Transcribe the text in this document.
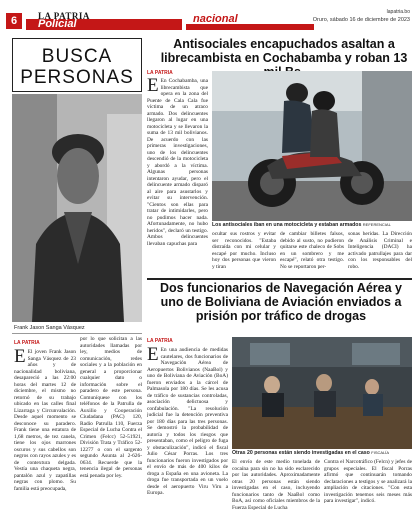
6	LA PATRIA
Policial	nacional
lapatria.bo
Oruro, sábado 16 de diciembre de 2023
BUSCA PERSONAS
Frank Jason Sanga Vásquez
LA PATRIA
E El joven Frank Jason Sanga Vásquez de 23 años y de nacionalidad boliviana, desapareció a las 22:00 horas del martes 12 de diciembre, el mismo no retornó de su trabajo ubicado en las calles final Lizarraga y Circunvalación. Desde aquel momento se desconoce su paradero. Frank tiene una estatura de 1,68 metros, de tez canela, tiene los ojos marrones oscuros y sus cabellos son negros con rayos azules y es de contextura delgada. Vestía una chaqueta negra, pantalón azul y zapatillas negras con plomo. Su familia está preocupada,
por lo que solicitan a las autoridades llamadas por ley, medios de comunicación, redes sociales y a la población en general a proporcionar cualquier dato o información sobre el paradero de este persona. Comuníquese con los teléfonos de la Patrulla de Auxilio y Cooperación Ciudadana (PAC) 120, Radio Patrulla 110, Fuerza Especial de Lucha Contra el Crimen (Felcc) 52-51921, División Trata y Tráfico 52-12277 o con el sargento segundo Asunta al 2-626-0634. Recuerde que la tenencia ilegal de personas está penada por ley.
Antisociales encapuchados asaltan a librecambista en Cochabamba y roban 13
LA PATRIA
E En Cochabamba, una librecambista que opera en la zona del Puente de Cala Cala fue víctima de un atraco armado. Dos delincuentes llegaron al lugar en una motocicleta y se llevaron la suma de 13 mil bolivianos. De acuerdo con las primeras investigaciones, uno de los delincuentes descendió de la motocicleta y abordó a la víctima. Algunas personas intentaron ayudar, pero el delincuente armado disparó al aire para asustarlos y evitar su intervención. "Cientos son ellas para tratar de intimidarles, pero no pudimos hacer nada. Afortunadamente, no hubo heridos", declaró un testigo. Ambos delincuentes llevaban capuchas para
Los antisociales iban en una motocicleta y estaban armados REFERENCIAL
ocultar sus rostros y evitar ser reconocidos. "Estaba distraída con mi celular y escapé por mucho. Incluso hoy dos personas que vieron y tiran
de cambiar billetes falsos, debido al susto, no pudieron quitarse este chaleco de Sobs en un sombrero y me escapé", relató otra testigo. No se reportaron per-
sonas heridas. La Dirección de Análisis Criminal e Inteligencia (DACI) ha activado patrullajes para dar con los responsables del robo.
Dos funcionarios de Navegación Aérea y uno de Boliviana de Aviación enviados a prisión por tráfico de drogas
LA PATRIA
E En una audiencia de medidas cautelares, dos funcionarios de Navegación Aérea de Aeropuertos Bolivianos (NaaBol) y uno de Boliviana de Aviación (BoA) fueron enviados a la cárcel de Palmasola por 180 días. Se les acusa de tráfico de sustancias controladas, asociación delictuosa y confabulación. "La resolución judicial fue la detención preventiva por 180 días para las tres personas. Se demostró la probabilidad de autoría y todos los riesgos que presentaban, como el peligro de fuga y obstaculización", indicó el fiscal Julio César Porras. Los tres funcionarios fueron investigados por el envío de más de 400 kilos de droga a España en una avioneta. La droga fue transportada en un vuelo desde el aeropuerto Viru Viru a Europa.
Otras 20 personas están siendo investigadas en el caso FISCALÍA
El envío de este medio tonelada de cocaína para sin no ha sido esclarecido por las autoridades. Aproximadamente otras 20 personas están siendo investigadas en el caso, incluyendo funcionarios tanto de NaaBol como BoA, así como oficiales miembros de la Fuerza Especial de Lucha
Contra el Narcotráfico (Felcn) y jefes de grupos especiales. El fiscal Porras afirmó que continuarán tomando declaraciones a testigos y se analizará la ampliación de citaciones. "Con esta investigación tenemos seis meses más para investigar", indicó.
